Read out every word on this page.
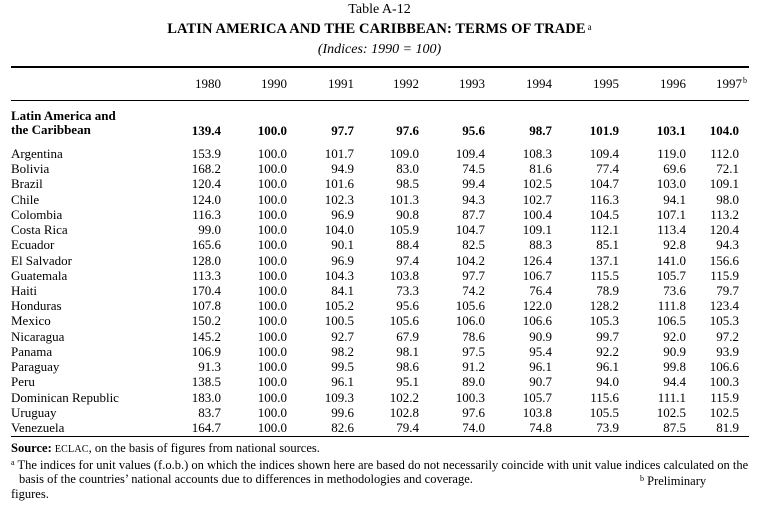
Table A-12
LATIN AMERICA AND THE CARIBBEAN: TERMS OF TRADE $^a$
(Indices: 1990 = 100)
1980	1990	1991	1992	1993	1994	1995	1996	1997$^b$
Latin America and
the Caribbean	139.4	100.0	97.7	97.6	95.6	98.7	101.9	103.1	104.0
Argentina	153.9	100.0	101.7	109.0	109.4	108.3	109.4	119.0	112.0
Bolivia	168.2	100.0	94.9	83.0	74.5	81.6	77.4	69.6	72.1
Brazil	120.4	100.0	101.6	98.5	99.4	102.5	104.7	103.0	109.1
Chile	124.0	100.0	102.3	101.3	94.3	102.7	116.3	94.1	98.0
Colombia	116.3	100.0	96.9	90.8	87.7	100.4	104.5	107.1	113.2
Costa Rica	99.0	100.0	104.0	105.9	104.7	109.1	112.1	113.4	120.4
Ecuador	165.6	100.0	90.1	88.4	82.5	88.3	85.1	92.8	94.3
El Salvador	128.0	100.0	96.9	97.4	104.2	126.4	137.1	141.0	156.6
Guatemala	113.3	100.0	104.3	103.8	97.7	106.7	115.5	105.7	115.9
Haiti	170.4	100.0	84.1	73.3	74.2	76.4	78.9	73.6	79.7
Honduras	107.8	100.0	105.2	95.6	105.6	122.0	128.2	111.8	123.4
Mexico	150.2	100.0	100.5	105.6	106.0	106.6	105.3	106.5	105.3
Nicaragua	145.2	100.0	92.7	67.9	78.6	90.9	99.7	92.0	97.2
Panama	106.9	100.0	98.2	98.1	97.5	95.4	92.2	90.9	93.9
Paraguay	91.3	100.0	99.5	98.6	91.2	96.1	96.1	99.8	106.6
Peru	138.5	100.0	96.1	95.1	89.0	90.7	94.0	94.4	100.3
Dominican Republic	183.0	100.0	109.3	102.2	100.3	105.7	115.6	111.1	115.9
Uruguay	83.7	100.0	99.6	102.8	97.6	103.8	105.5	102.5	102.5
Venezuela	164.7	100.0	82.6	79.4	74.0	74.8	73.9	87.5	81.9
Source: ECLAC, on the basis of figures from national sources.
$^a$ The indices for unit values (f.o.b.) on which the indices shown here are based do not necessarily coincide with unit value indices calculated on the basis of the countries’ national accounts due to differences in methodologies and coverage.	$^b$ Preliminary
figures.
